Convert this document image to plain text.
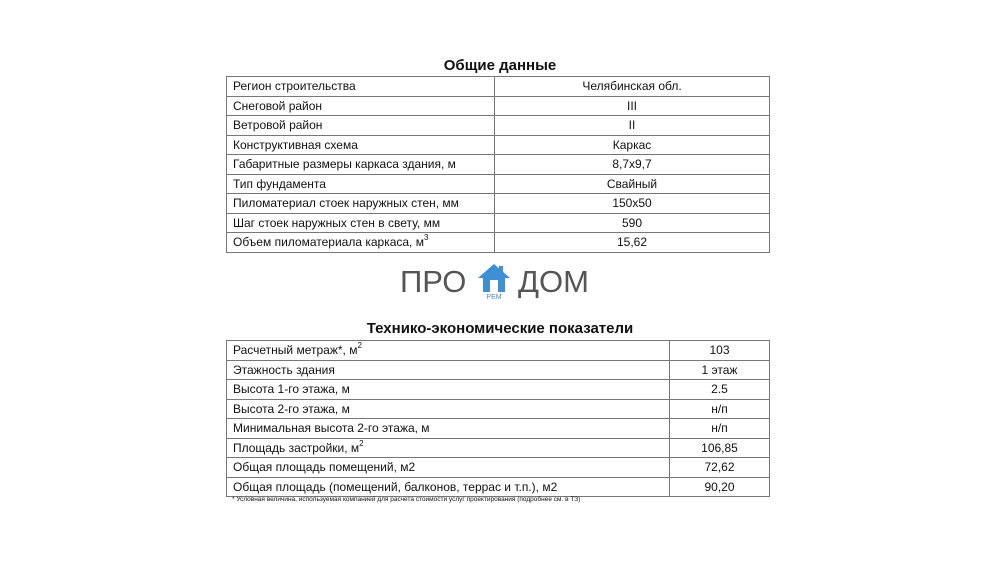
Общие данные
Регион строительства	Челябинская обл.
Снеговой район	III
Ветровой район	II
Конструктивная схема	Каркас
Габаритные размеры каркаса здания, м	8,7х9,7
Тип фундамента	Свайный
Пиломатериал стоек наружных стен, мм	150х50
Шаг стоек наружных стен в свету, мм	590
Объем пиломатериала каркаса, $м^3$	15,62
ПРО	РЕМ ДОМ
Технико-экономические показатели
Расчетный метраж*, $м^2$	103
Этажность здания	1 этаж
Высота 1-го этажа, м	2.5
Высота 2-го этажа, м	н/п
Минимальная высота 2-го этажа, м	н/п
Площадь застройки, $м^2$	106,85
Общая площадь помещений, м2	72,62
Общая площадь (помещений, балконов, террас и т.п.), м2	90,20
* Условная величина, используемая компанией для расчета стоимости услуг проектирования (подробнее см. в ТЗ)
